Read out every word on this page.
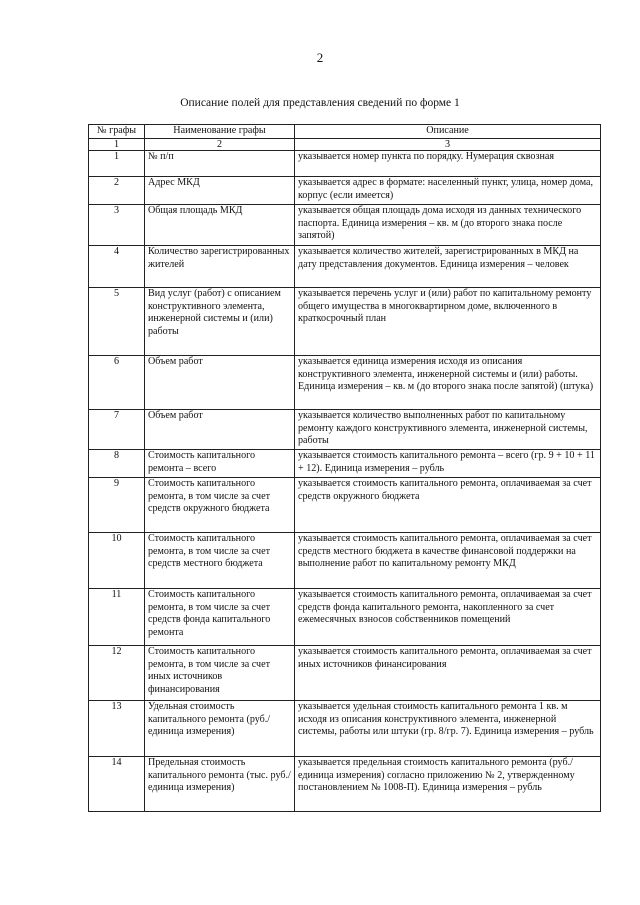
2
Описание полей для представления сведений по форме 1
№ графы	Наименование графы	Описание
1	2	3
1	№ п/п	указывается номер пункта по порядку. Нумерация сквозная
2	Адрес МКД	указывается адрес в формате: населенный пункт, улица, номер дома, корпус (если имеется)
3	Общая площадь МКД	указывается общая площадь дома исходя из данных технического паспорта. Единица измерения – кв. м (до второго знака после запятой)
4	Количество зарегистрированных жителей	указывается количество жителей, зарегистрированных в МКД на дату представления документов. Единица измерения – человек
5	Вид услуг (работ) с описанием конструктивного элемента, инженерной системы и (или) работы	указывается перечень услуг и (или) работ по капитальному ремонту общего имущества в многоквартирном доме, включенного в краткосрочный план
6	Объем работ	указывается единица измерения исходя из описания конструктивного элемента, инженерной системы и (или) работы. Единица измерения – кв. м (до второго знака после запятой) (штука)
7	Объем работ	указывается количество выполненных работ по капитальному ремонту каждого конструктивного элемента, инженерной системы, работы
8	Стоимость капитального ремонта – всего	указывается стоимость капитального ремонта – всего (гр. 9 + 10 + 11 + 12). Единица измерения – рубль
9	Стоимость капитального ремонта, в том числе за счет средств окружного бюджета	указывается стоимость капитального ремонта, оплачиваемая за счет средств окружного бюджета
10	Стоимость капитального ремонта, в том числе за счет средств местного бюджета	указывается стоимость капитального ремонта, оплачиваемая за счет средств местного бюджета в качестве финансовой поддержки на выполнение работ по капитальному ремонту МКД
11	Стоимость капитального ремонта, в том числе за счет средств фонда капитального ремонта	указывается стоимость капитального ремонта, оплачиваемая за счет средств фонда капитального ремонта, накопленного за счет ежемесячных взносов собственников помещений
12	Стоимость капитального ремонта, в том числе за счет иных источников финансирования	указывается стоимость капитального ремонта, оплачиваемая за счет иных источников финансирования
13	Удельная стоимость капитального ремонта (руб./единица измерения)	указывается удельная стоимость капитального ремонта 1 кв. м исходя из описания конструктивного элемента, инженерной системы, работы или штуки (гр. 8/гр. 7). Единица измерения – рубль
14	Предельная стоимость капитального ремонта (тыс. руб./единица измерения)	указывается предельная стоимость капитального ремонта (руб./единица измерения) согласно приложению № 2, утвержденному постановлением № 1008-П). Единица измерения – рубль
